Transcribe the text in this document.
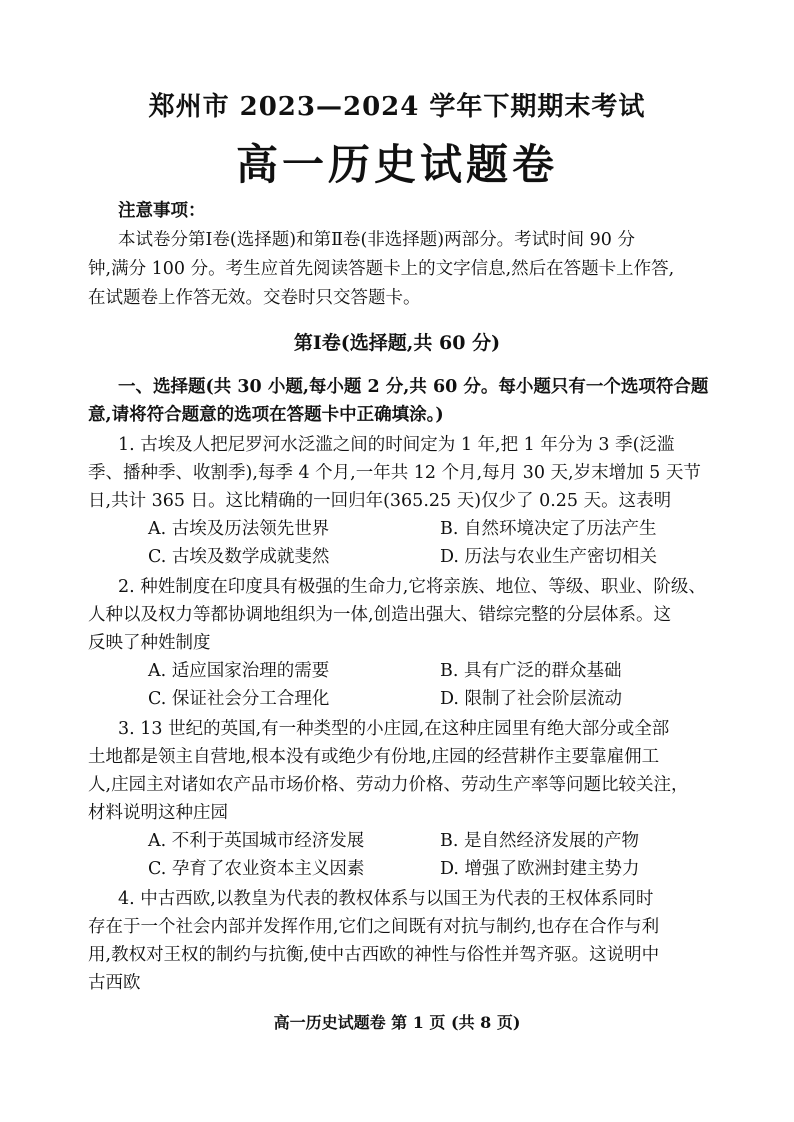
郑州市 2023—2024 学年下期期末考试
高一历史试题卷
注意事项：
本试卷分第Ⅰ卷(选择题)和第Ⅱ卷(非选择题)两部分。考试时间 90 分
钟,满分 100 分。考生应首先阅读答题卡上的文字信息,然后在答题卡上作答,
在试题卷上作答无效。交卷时只交答题卡。
第Ⅰ卷(选择题,共 60 分)
一、选择题(共 30 小题,每小题 2 分,共 60 分。每小题只有一个选项符合题
意,请将符合题意的选项在答题卡中正确填涂。)
1. 古埃及人把尼罗河水泛滥之间的时间定为 1 年,把 1 年分为 3 季(泛滥
季、播种季、收割季),每季 4 个月,一年共 12 个月,每月 30 天,岁末增加 5 天节
日,共计 365 日。这比精确的一回归年(365.25 天)仅少了 0.25 天。这表明
A. 古埃及历法领先世界	B. 自然环境决定了历法产生
C. 古埃及数学成就斐然	D. 历法与农业生产密切相关
2. 种姓制度在印度具有极强的生命力,它将亲族、地位、等级、职业、阶级、
人种以及权力等都协调地组织为一体,创造出强大、错综完整的分层体系。这
反映了种姓制度
A. 适应国家治理的需要	B. 具有广泛的群众基础
C. 保证社会分工合理化	D. 限制了社会阶层流动
3. 13 世纪的英国,有一种类型的小庄园,在这种庄园里有绝大部分或全部
土地都是领主自营地,根本没有或绝少有份地,庄园的经营耕作主要靠雇佣工
人,庄园主对诸如农产品市场价格、劳动力价格、劳动生产率等问题比较关注，
材料说明这种庄园
A. 不利于英国城市经济发展	B. 是自然经济发展的产物
C. 孕育了农业资本主义因素	D. 增强了欧洲封建主势力
4. 中古西欧,以教皇为代表的教权体系与以国王为代表的王权体系同时
存在于一个社会内部并发挥作用,它们之间既有对抗与制约,也存在合作与利
用,教权对王权的制约与抗衡,使中古西欧的神性与俗性并驾齐驱。这说明中
古西欧
高一历史试题卷 第 1 页 (共 8 页)
